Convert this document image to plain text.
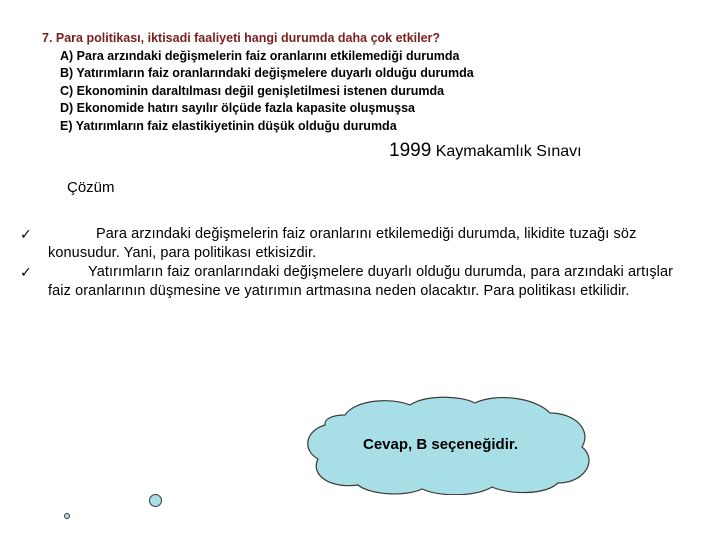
7. Para politikası, iktisadi faaliyeti hangi durumda daha çok etkiler?
A) Para arzındaki değişmelerin faiz oranlarını etkilemediği durumda
B) Yatırımların faiz oranlarındaki değişmelere duyarlı olduğu durumda
C) Ekonominin daraltılması değil genişletilmesi istenen durumda
D) Ekonomide hatırı sayılır ölçüde fazla kapasite oluşmuşsa
E) Yatırımların faiz elastikiyetinin düşük olduğu durumda
1999 Kaymakamlık Sınavı
Çözüm
✓	Para arzındaki değişmelerin faiz oranlarını etkilemediği durumda, likidite tuzağı söz konusudur. Yani, para politikası etkisizdir.
✓	Yatırımların faiz oranlarındaki değişmelere duyarlı olduğu durumda, para arzındaki artışlar faiz oranlarının düşmesine ve yatırımın artmasına neden olacaktır. Para politikası etkilidir.
Cevap, B seçeneğidir.
